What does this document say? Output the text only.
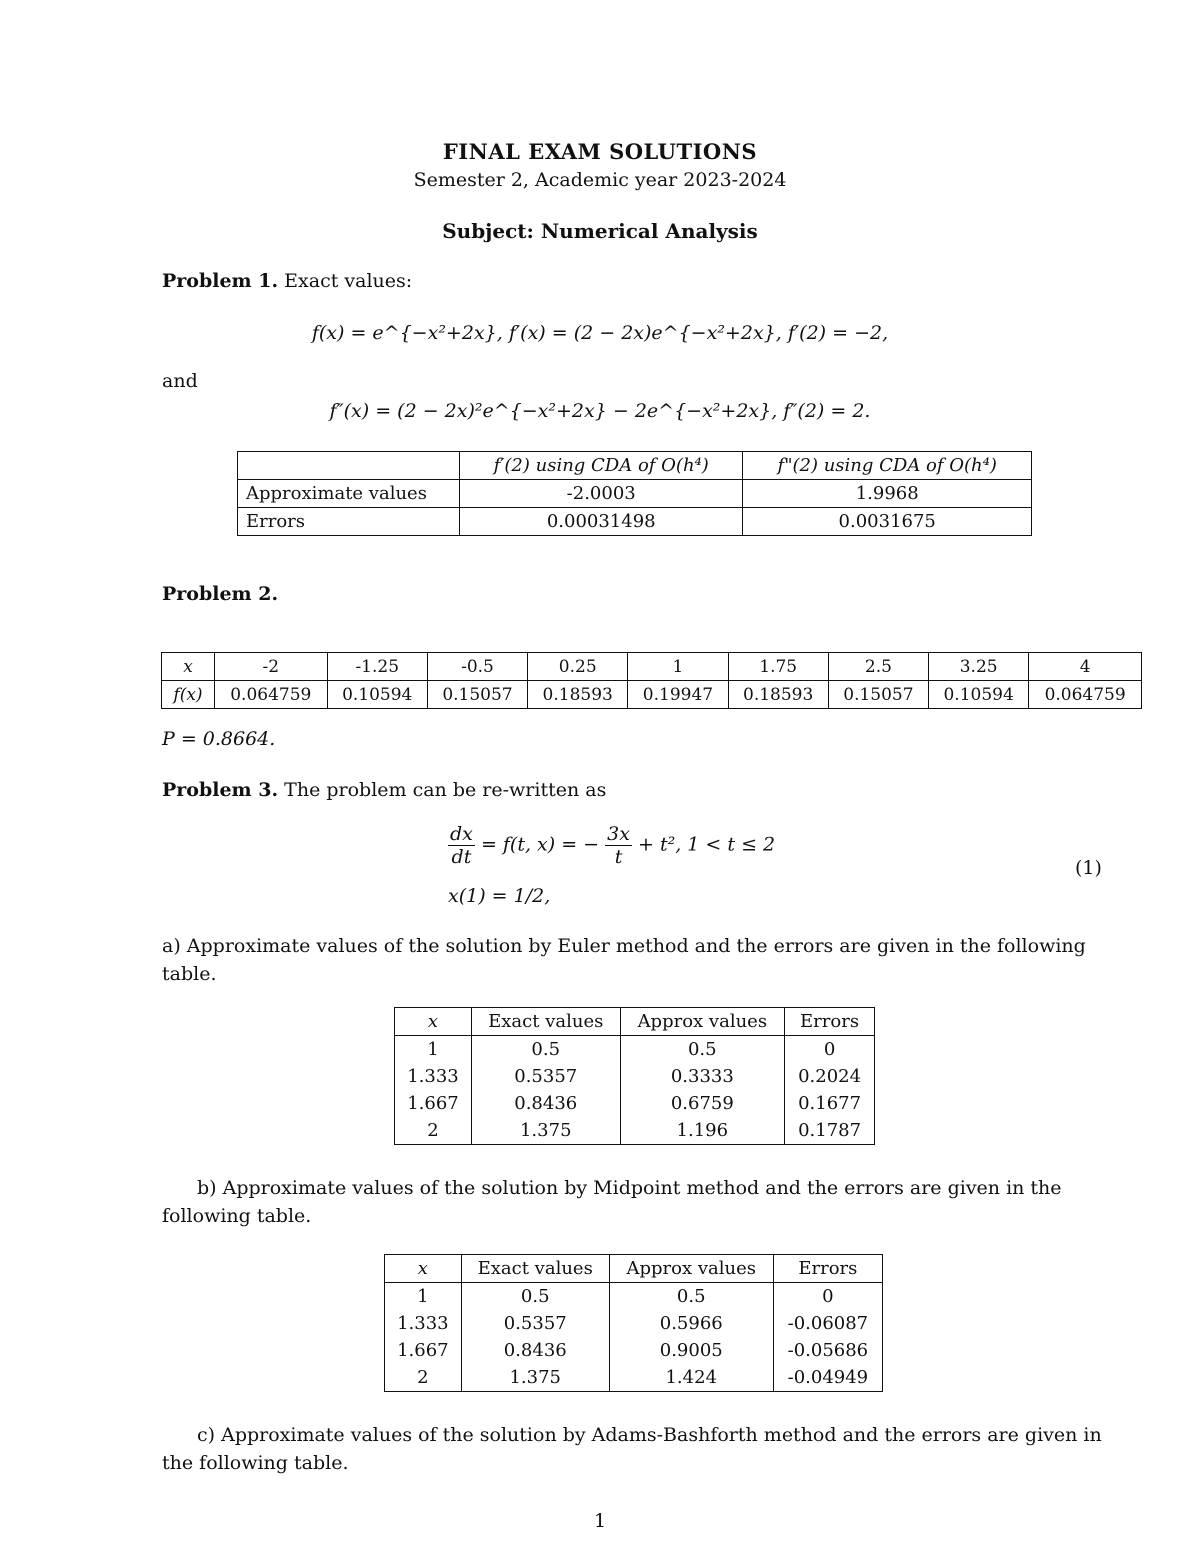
FINAL EXAM SOLUTIONS
Semester 2, Academic year 2023-2024
Subject: Numerical Analysis
Problem 1. Exact values:
f(x) = e^{−x²+2x}, f′(x) = (2 − 2x)e^{−x²+2x}, f′(2) = −2,
and
f″(x) = (2 − 2x)²e^{−x²+2x} − 2e^{−x²+2x}, f″(2) = 2.
	f′(2) using CDA of O(h⁴)	f"(2) using CDA of O(h⁴)
Approximate values	-2.0003	1.9968
Errors	0.00031498	0.0031675
Problem 2.
x	-2	-1.25	-0.5	0.25	1	1.75	2.5	3.25	4
f(x)	0.064759	0.10594	0.15057	0.18593	0.19947	0.18593	0.15057	0.10594	0.064759
P = 0.8664.
Problem 3. The problem can be re-written as
$\frac{dx}{dt} = f(t$, x) = − $\frac{3x}{t} + t^2$, 1 < t ≤ 2
x(1) = 1/2,
(1)
a) Approximate values of the solution by Euler method and the errors are given in the following table.
x	Exact values	Approx values	Errors
1	0.5	0.5	0
1.333	0.5357	0.3333	0.2024
1.667	0.8436	0.6759	0.1677
2	1.375	1.196	0.1787
b) Approximate values of the solution by Midpoint method and the errors are given in the following table.
x	Exact values	Approx values	Errors
1	0.5	0.5	0
1.333	0.5357	0.5966	-0.06087
1.667	0.8436	0.9005	-0.05686
2	1.375	1.424	-0.04949
c) Approximate values of the solution by Adams-Bashforth method and the errors are given in the following table.
1
